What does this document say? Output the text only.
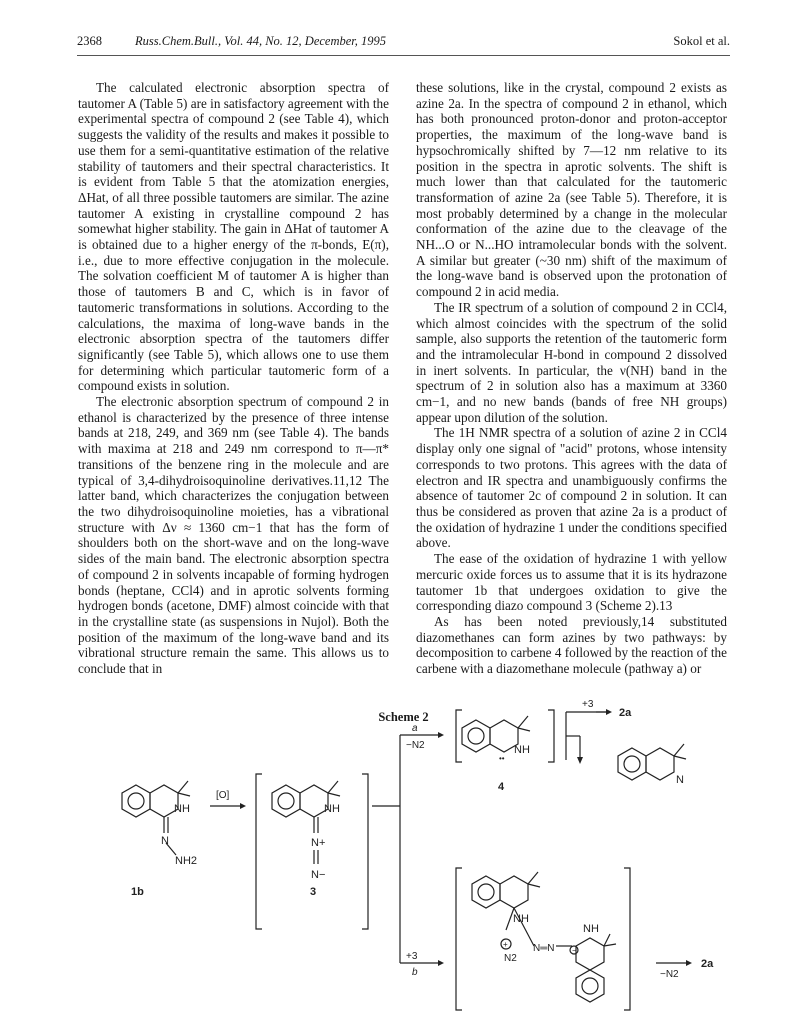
2368	Russ.Chem.Bull., Vol. 44, No. 12, December, 1995	Sokol et al.

The calculated electronic absorption spectra of tautomer A (Table 5) are in satisfactory agreement with the experimental spectra of compound 2 (see Table 4), which suggests the validity of the results and makes it possible to use them for a semi-quantitative estimation of the relative stability of tautomers and their spectral characteristics. It is evident from Table 5 that the atomization energies, ΔHat, of all three possible tautomers are similar. The azine tautomer A existing in crystalline compound 2 has somewhat higher stability. The gain in ΔHat of tautomer A is obtained due to a higher energy of the π-bonds, E(π), i.e., due to more effective conjugation in the molecule. The solvation coefficient M of tautomer A is higher than those of tautomers B and C, which is in favor of tautomeric transformations in solutions. According to the calculations, the maxima of long-wave bands in the electronic absorption spectra of the tautomers differ significantly (see Table 5), which allows one to use them for determining which particular tautomeric form of a compound exists in solution.

The electronic absorption spectrum of compound 2 in ethanol is characterized by the presence of three intense bands at 218, 249, and 369 nm (see Table 4). The bands with maxima at 218 and 249 nm correspond to π—π* transitions of the benzene ring in the molecule and are typical of 3,4-dihydroisoquinoline derivatives.11,12 The latter band, which characterizes the conjugation between the two dihydroisoquinoline moieties, has a vibrational structure with Δν ≈ 1360 cm−1 that has the form of shoulders both on the short-wave and on the long-wave sides of the main band. The electronic absorption spectra of compound 2 in solvents incapable of forming hydrogen bonds (heptane, CCl4) and in aprotic solvents forming hydrogen bonds (acetone, DMF) almost coincide with that in the crystalline state (as suspensions in Nujol). Both the position of the maximum of the long-wave band and its vibrational structure remain the same. This allows us to conclude that in

these solutions, like in the crystal, compound 2 exists as azine 2a. In the spectra of compound 2 in ethanol, which has both pronounced proton-donor and proton-acceptor properties, the maximum of the long-wave band is hypsochromically shifted by 7—12 nm relative to its position in the spectra in aprotic solvents. The shift is much lower than that calculated for the tautomeric transformation of azine 2a (see Table 5). Therefore, it is most probably determined by a change in the molecular conformation of the azine due to the cleavage of the NH...O or N...HO intramolecular bonds with the solvent. A similar but greater (~30 nm) shift of the maximum of the long-wave band is observed upon the protonation of compound 2 in acid media.

The IR spectrum of a solution of compound 2 in CCl4, which almost coincides with the spectrum of the solid sample, also supports the retention of the tautomeric form and the intramolecular H-bond in compound 2 dissolved in inert solvents. In particular, the ν(NH) band in the spectrum of 2 in solution also has a maximum at 3360 cm−1, and no new bands (bands of free NH groups) appear upon dilution of the solution.

The 1H NMR spectra of a solution of azine 2 in CCl4 display only one signal of "acid" protons, whose intensity corresponds to two protons. This agrees with the data of electron and IR spectra and unambiguously confirms the absence of tautomer 2c of compound 2 in solution. It can thus be considered as proven that azine 2a is a product of the oxidation of hydrazine 1 under the conditions specified above.

The ease of the oxidation of hydrazine 1 with yellow mercuric oxide forces us to assume that it is its hydrazone tautomer 1b that undergoes oxidation to give the corresponding diazo compound 3 (Scheme 2).13

As has been noted previously,14 substituted diazomethanes can form azines by two pathways: by decomposition to carbene 4 followed by the reaction of the carbene with a diazomethane molecule (pathway a) or

Scheme 2
NH
N
NH2
1b
[O]
NH
N+
N−
3
a
−N2
+3
b
NH
••
4
+3
2a
N
NH
NH
+
N2
N═N −
−N2
2a
